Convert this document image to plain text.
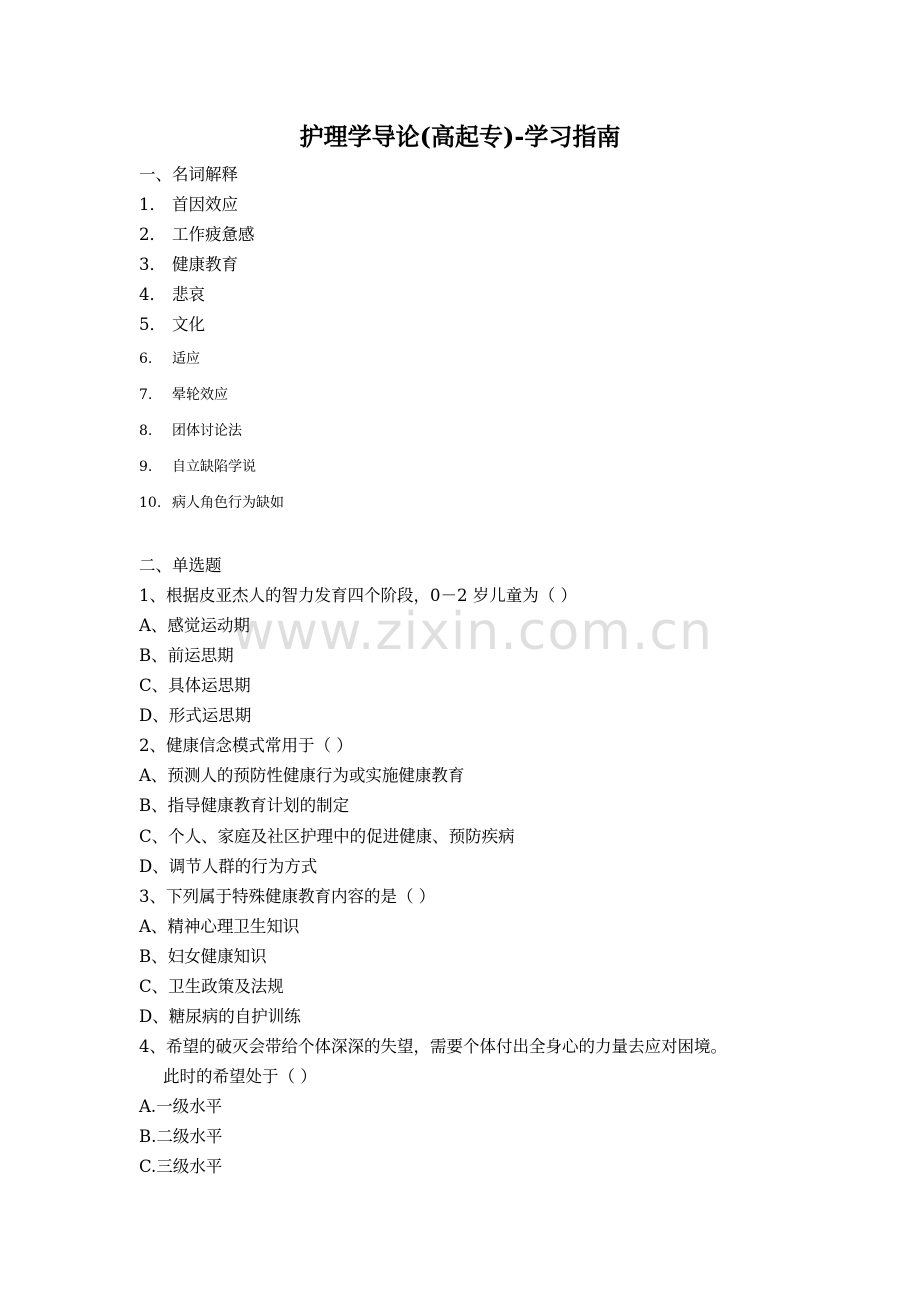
护理学导论(高起专)-学习指南
一、名词解释
1． 首因效应
2． 工作疲惫感
3． 健康教育
4． 悲哀
5． 文化
6. 适应
7. 晕轮效应
8. 团体讨论法
9. 自立缺陷学说
10. 病人角色行为缺如
二、单选题
1、根据皮亚杰人的智力发育四个阶段，0－2 岁儿童为（ ）
A、感觉运动期
B、前运思期
C、具体运思期
D、形式运思期
2、健康信念模式常用于（ ）
A、预测人的预防性健康行为或实施健康教育
B、指导健康教育计划的制定
C、个人、家庭及社区护理中的促进健康、预防疾病
D、调节人群的行为方式
3、下列属于特殊健康教育内容的是（ ）
A、精神心理卫生知识
B、妇女健康知识
C、卫生政策及法规
D、糖尿病的自护训练
4、希望的破灭会带给个体深深的失望，需要个体付出全身心的力量去应对困境。
此时的希望处于（ ）
A.一级水平
B.二级水平
C.三级水平
www.zixin.com.cn
